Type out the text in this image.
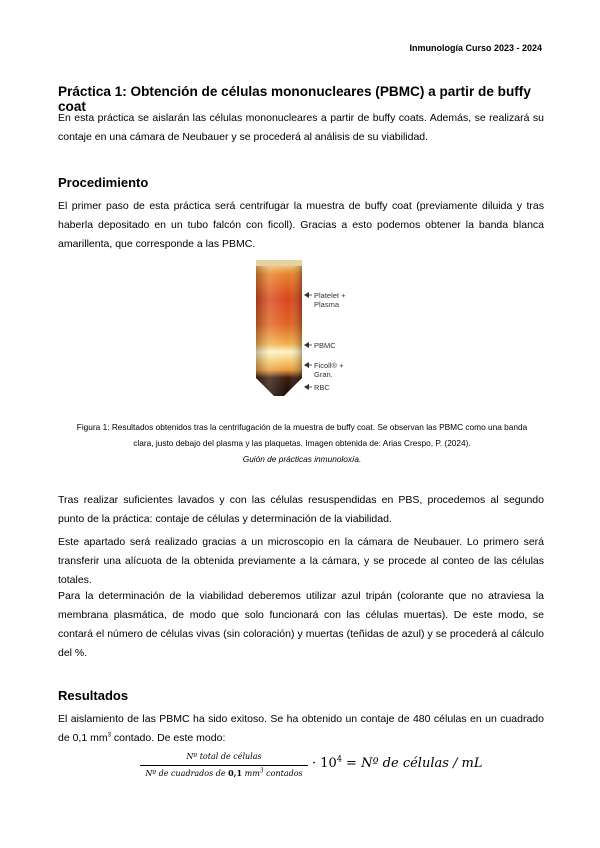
Inmunología Curso 2023 - 2024
Práctica 1: Obtención de células mononucleares (PBMC) a partir de buffy coat
En esta práctica se aislarán las células mononucleares a partir de buffy coats. Además, se realizará su contaje en una cámara de Neubauer y se procederá al análisis de su viabilidad.
Procedimiento
El primer paso de esta práctica será centrifugar la muestra de buffy coat (previamente diluida y tras haberla depositado en un tubo falcón con ficoll). Gracias a esto podemos obtener la banda blanca amarillenta, que corresponde a las PBMC.
Platelet +
Plasma
PBMC
Ficoll® +
Gran.
RBC
Figura 1: Resultados obtenidos tras la centrifugación de la muestra de buffy coat. Se observan las PBMC como una banda clara, justo debajo del plasma y las plaquetas. Imagen obtenida de: Arias Crespo, P. (2024).
Guión de prácticas inmunoloxía.
Tras realizar suficientes lavados y con las células resuspendidas en PBS, procedemos al segundo punto de la práctica: contaje de células y determinación de la viabilidad.
Este apartado será realizado gracias a un microscopio en la cámara de Neubauer. Lo primero será transferir una alícuota de la obtenida previamente a la cámara, y se procede al conteo de las células totales.
Para la determinación de la viabilidad deberemos utilizar azul tripán (colorante que no atraviesa la membrana plasmática, de modo que solo funcionará con las células muertas). De este modo, se contará el número de células vivas (sin coloración) y muertas (teñidas de azul) y se procederá al cálculo del %.
Resultados
El aislamiento de las PBMC ha sido exitoso. Se ha obtenido un contaje de 480 células en un cuadrado de 0,1 $mm^3$ contado. De este modo:
Nº total de células
Nº de cuadrados de 0,1 $mm^3$ contados
· $10^4$ = Nº de células / mL
